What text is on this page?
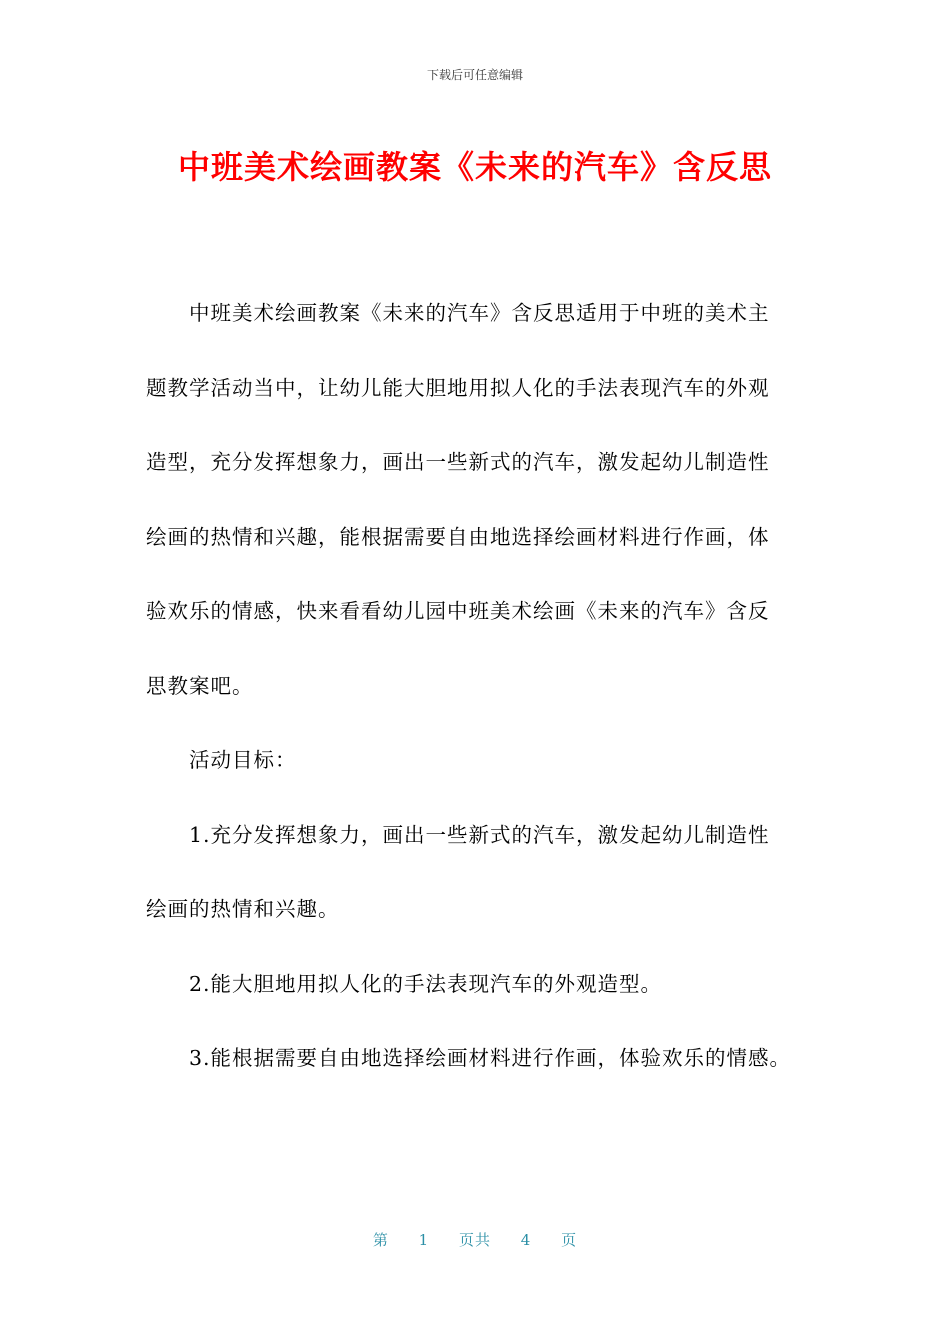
下载后可任意编辑
中班美术绘画教案《未来的汽车》含反思

中班美术绘画教案《未来的汽车》含反思适用于中班的美术主
题教学活动当中，让幼儿能大胆地用拟人化的手法表现汽车的外观
造型，充分发挥想象力，画出一些新式的汽车，激发起幼儿制造性
绘画的热情和兴趣，能根据需要自由地选择绘画材料进行作画，体
验欢乐的情感，快来看看幼儿园中班美术绘画《未来的汽车》含反
思教案吧。

活动目标：

1.充分发挥想象力，画出一些新式的汽车，激发起幼儿制造性
绘画的热情和兴趣。

2.能大胆地用拟人化的手法表现汽车的外观造型。

3.能根据需要自由地选择绘画材料进行作画，体验欢乐的情感。

第 1 页共 4 页
